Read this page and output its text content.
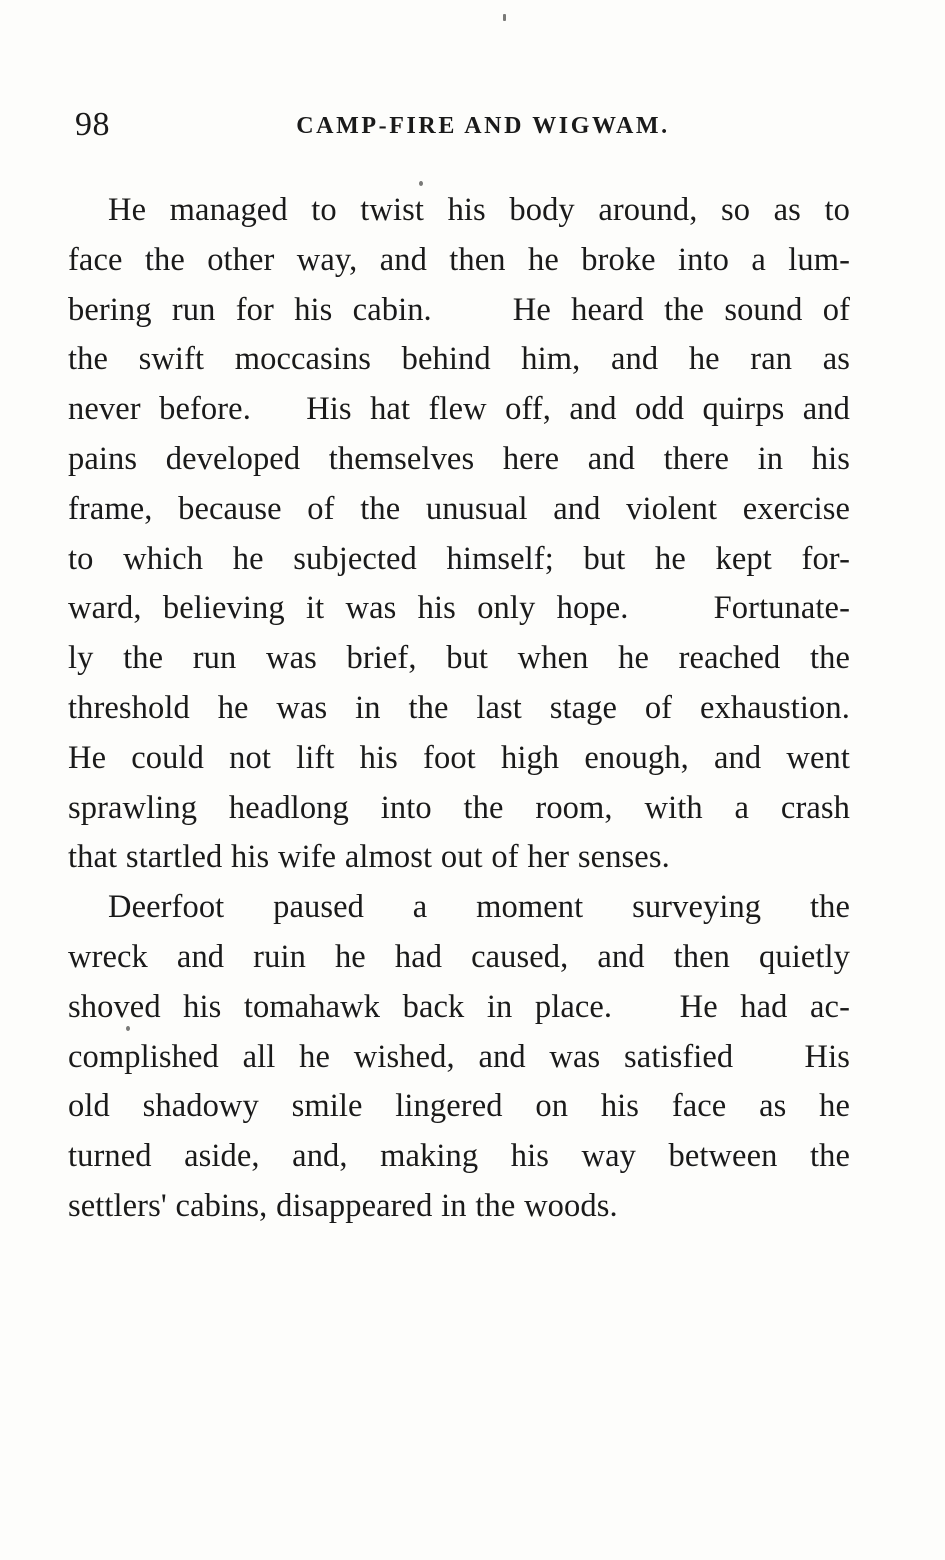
98	CAMP-FIRE AND WIGWAM.

He managed to twist his body around, so as to
face the other way, and then he broke into a lum-
bering run for his cabin.    He heard the sound of
the swift moccasins behind him, and he ran as
never before.   His hat flew off, and odd quirps and
pains developed themselves here and there in his
frame, because of the unusual and violent exercise
to which he subjected himself; but he kept for-
ward, believing it was his only hope.    Fortunate-
ly the run was brief, but when he reached the
threshold he was in the last stage of exhaustion.
He could not lift his foot high enough, and went
sprawling headlong into the room, with a crash
that startled his wife almost out of her senses.

Deerfoot paused a moment surveying the
wreck and ruin he had caused, and then quietly
shoved his tomahawk back in place.   He had ac-
complished all he wished, and was satisfied   His
old shadowy smile lingered on his face as he
turned aside, and, making his way between the
settlers' cabins, disappeared in the woods.
